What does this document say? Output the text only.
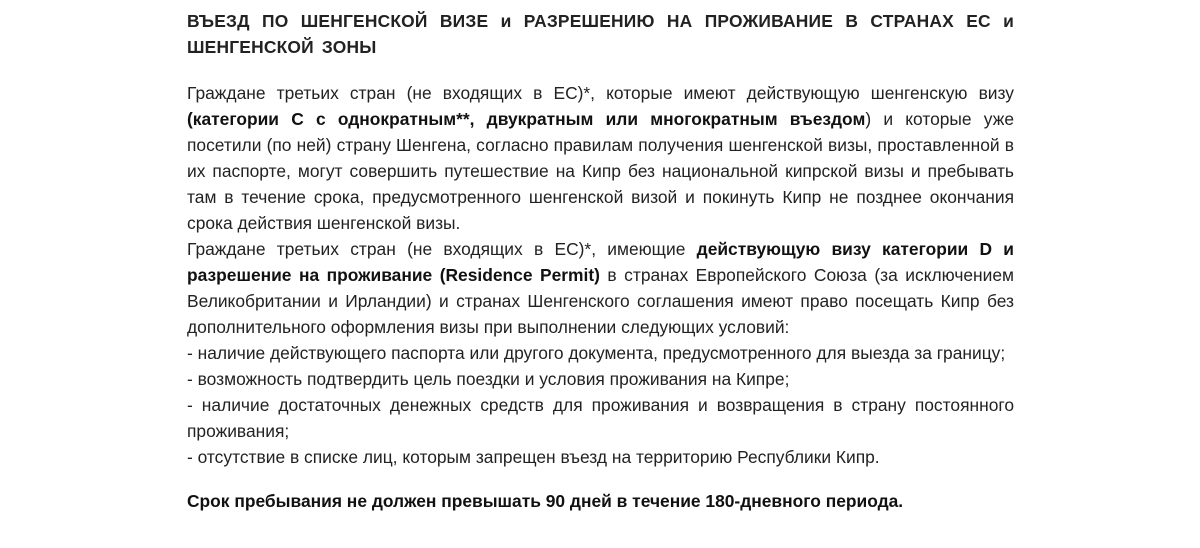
ВЪЕЗД ПО ШЕНГЕНСКОЙ ВИЗЕ и РАЗРЕШЕНИЮ НА ПРОЖИВАНИЕ В СТРАНАХ ЕС и ШЕНГЕНСКОЙ ЗОНЫ

Граждане третьих стран (не входящих в ЕС)*, которые имеют действующую шенгенскую визу (категории С с однократным**, двукратным или многократным въездом) и которые уже посетили (по ней) страну Шенгена, согласно правилам получения шенгенской визы, проставленной в их паспорте, могут совершить путешествие на Кипр без национальной кипрской визы и пребывать там в течение срока, предусмотренного шенгенской визой и покинуть Кипр не позднее окончания срока действия шенгенской визы.

Граждане третьих стран (не входящих в ЕС)*, имеющие действующую визу категории D и разрешение на проживание (Residence Permit) в странах Европейского Союза (за исключением Великобритании и Ирландии) и странах Шенгенского соглашения имеют право посещать Кипр без дополнительного оформления визы при выполнении следующих условий:

- наличие действующего паспорта или другого документа, предусмотренного для выезда за границу;

- возможность подтвердить цель поездки и условия проживания на Кипре;

- наличие достаточных денежных средств для проживания и возвращения в страну постоянного проживания;

- отсутствие в списке лиц, которым запрещен въезд на территорию Республики Кипр.

Срок пребывания не должен превышать 90 дней в течение 180-дневного периода.
